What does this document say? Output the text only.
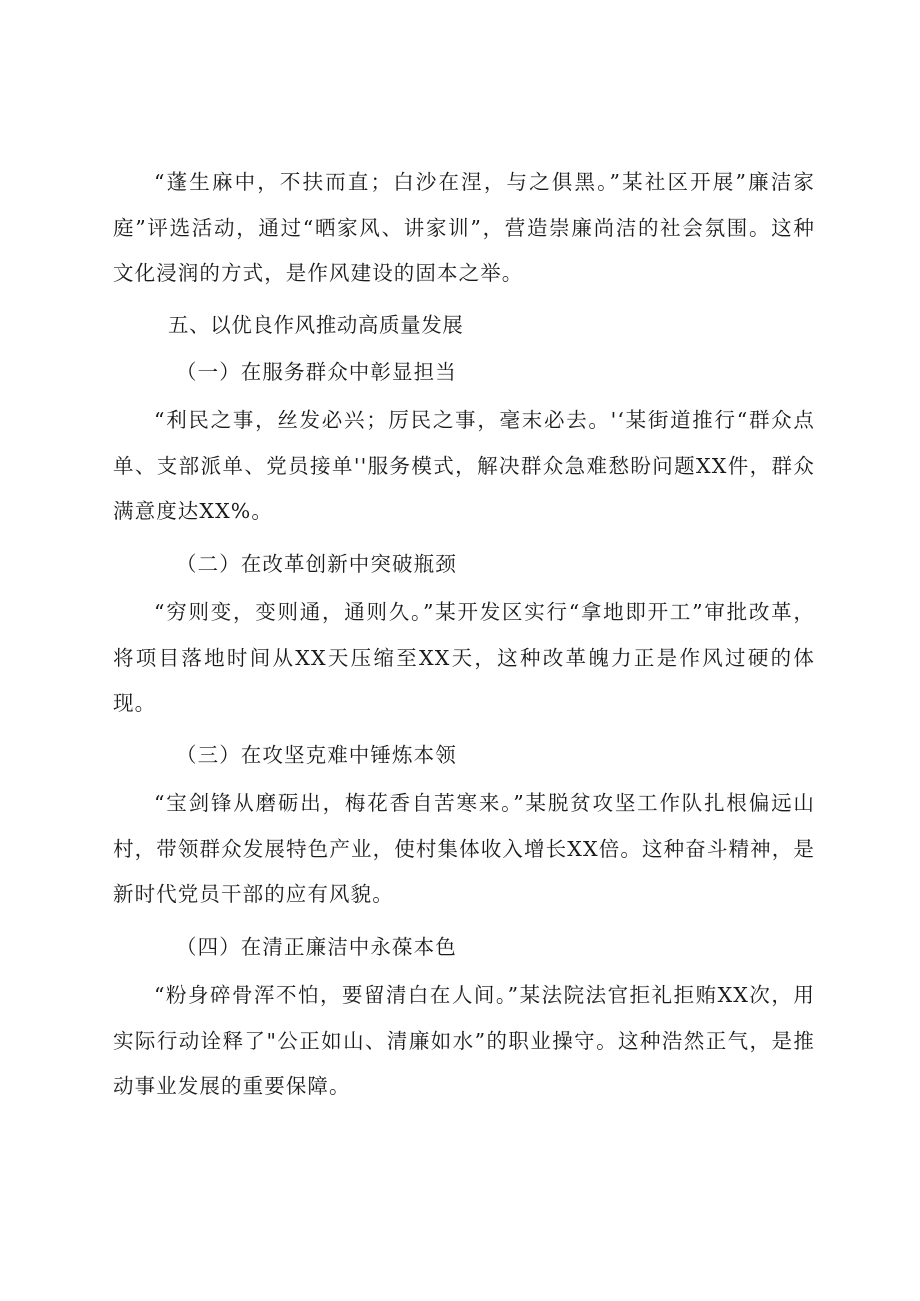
“蓬生麻中，不扶而直；白沙在涅，与之俱黑。”某社区开展”廉洁家庭”评选活动，通过“晒家风、讲家训”，营造崇廉尚洁的社会氛围。这种文化浸润的方式，是作风建设的固本之举。

五、以优良作风推动高质量发展

（一）在服务群众中彰显担当

“利民之事，丝发必兴；厉民之事，毫末必去。'‘某街道推行“群众点单、支部派单、党员接单''服务模式，解决群众急难愁盼问题XX件，群众满意度达XX%。

（二）在改革创新中突破瓶颈

“穷则变，变则通，通则久。”某开发区实行“拿地即开工”审批改革，将项目落地时间从XX天压缩至XX天，这种改革魄力正是作风过硬的体现。

（三）在攻坚克难中锤炼本领

“宝剑锋从磨砺出，梅花香自苦寒来。”某脱贫攻坚工作队扎根偏远山村，带领群众发展特色产业，使村集体收入增长XX倍。这种奋斗精神，是新时代党员干部的应有风貌。

（四）在清正廉洁中永葆本色

“粉身碎骨浑不怕，要留清白在人间。”某法院法官拒礼拒贿XX次，用实际行动诠释了"公正如山、清廉如水”的职业操守。这种浩然正气，是推动事业发展的重要保障。
